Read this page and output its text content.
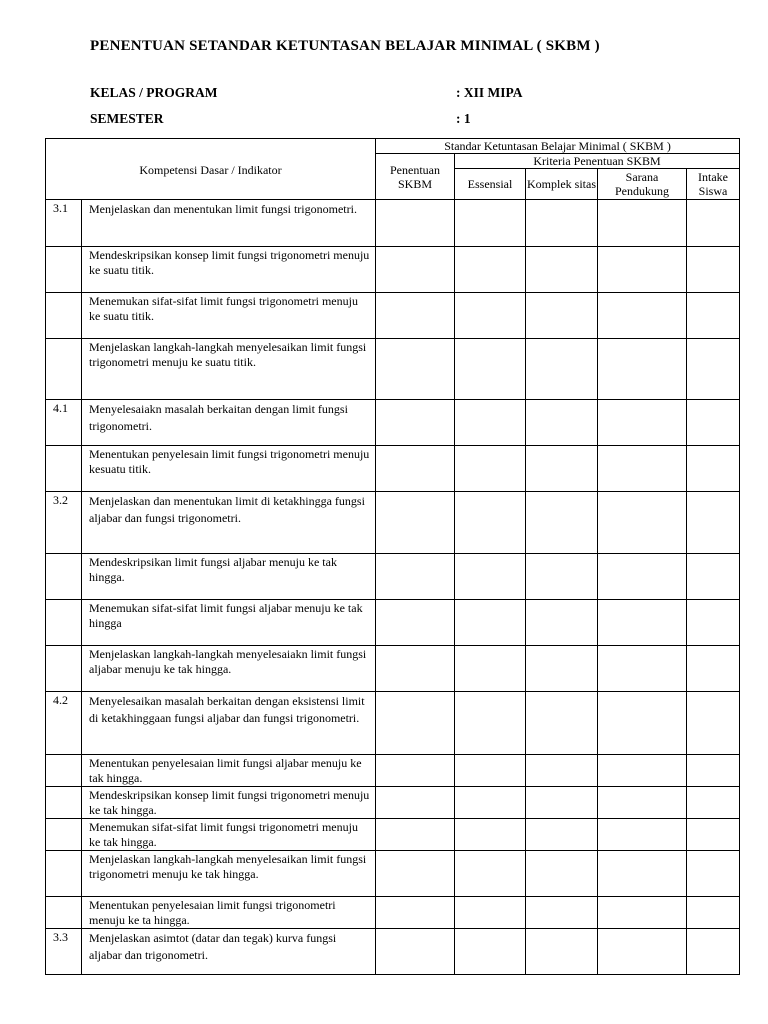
PENENTUAN SETANDAR KETUNTASAN BELAJAR MINIMAL ( SKBM )
KELAS / PROGRAM	: XII MIPA
SEMESTER	: 1
Kompetensi Dasar / Indikator		Standar Ketuntasan Belajar Minimal ( SKBM )				
		Penentuan SKBM	Kriteria Penentuan SKBM			
			Essensial	Komplek sitas	Sarana Pendukung	Intake Siswa
3.1	Menjelaskan dan menentukan limit fungsi trigonometri.					
	Mendeskripsikan konsep limit fungsi trigonometri menuju ke suatu titik.					
	Menemukan sifat-sifat limit fungsi trigonometri menuju ke suatu titik.					
	Menjelaskan langkah-langkah menyelesaikan limit fungsi trigonometri menuju ke suatu titik.					
4.1	Menyelesaiakn masalah berkaitan dengan limit fungsi trigonometri.					
	Menentukan penyelesain limit fungsi trigonometri menuju kesuatu titik.					
3.2	Menjelaskan dan menentukan limit di ketakhingga fungsi aljabar dan fungsi trigonometri.					
	Mendeskripsikan limit fungsi aljabar menuju ke tak hingga.					
	Menemukan sifat-sifat limit fungsi aljabar menuju ke tak hingga					
	Menjelaskan langkah-langkah menyelesaiakn limit fungsi aljabar menuju ke tak hingga.					
4.2	Menyelesaikan masalah berkaitan dengan eksistensi limit di ketakhinggaan fungsi aljabar dan fungsi trigonometri.					
	Menentukan penyelesaian limit fungsi aljabar menuju ke tak hingga.					
	Mendeskripsikan konsep limit fungsi trigonometri menuju ke tak hingga.					
	Menemukan sifat-sifat limit fungsi trigonometri menuju ke tak hingga.					
	Menjelaskan langkah-langkah menyelesaikan limit fungsi trigonometri menuju ke tak hingga.					
	Menentukan penyelesaian limit fungsi trigonometri menuju ke ta hingga.					
3.3	Menjelaskan asimtot (datar dan tegak) kurva fungsi aljabar dan trigonometri.					
